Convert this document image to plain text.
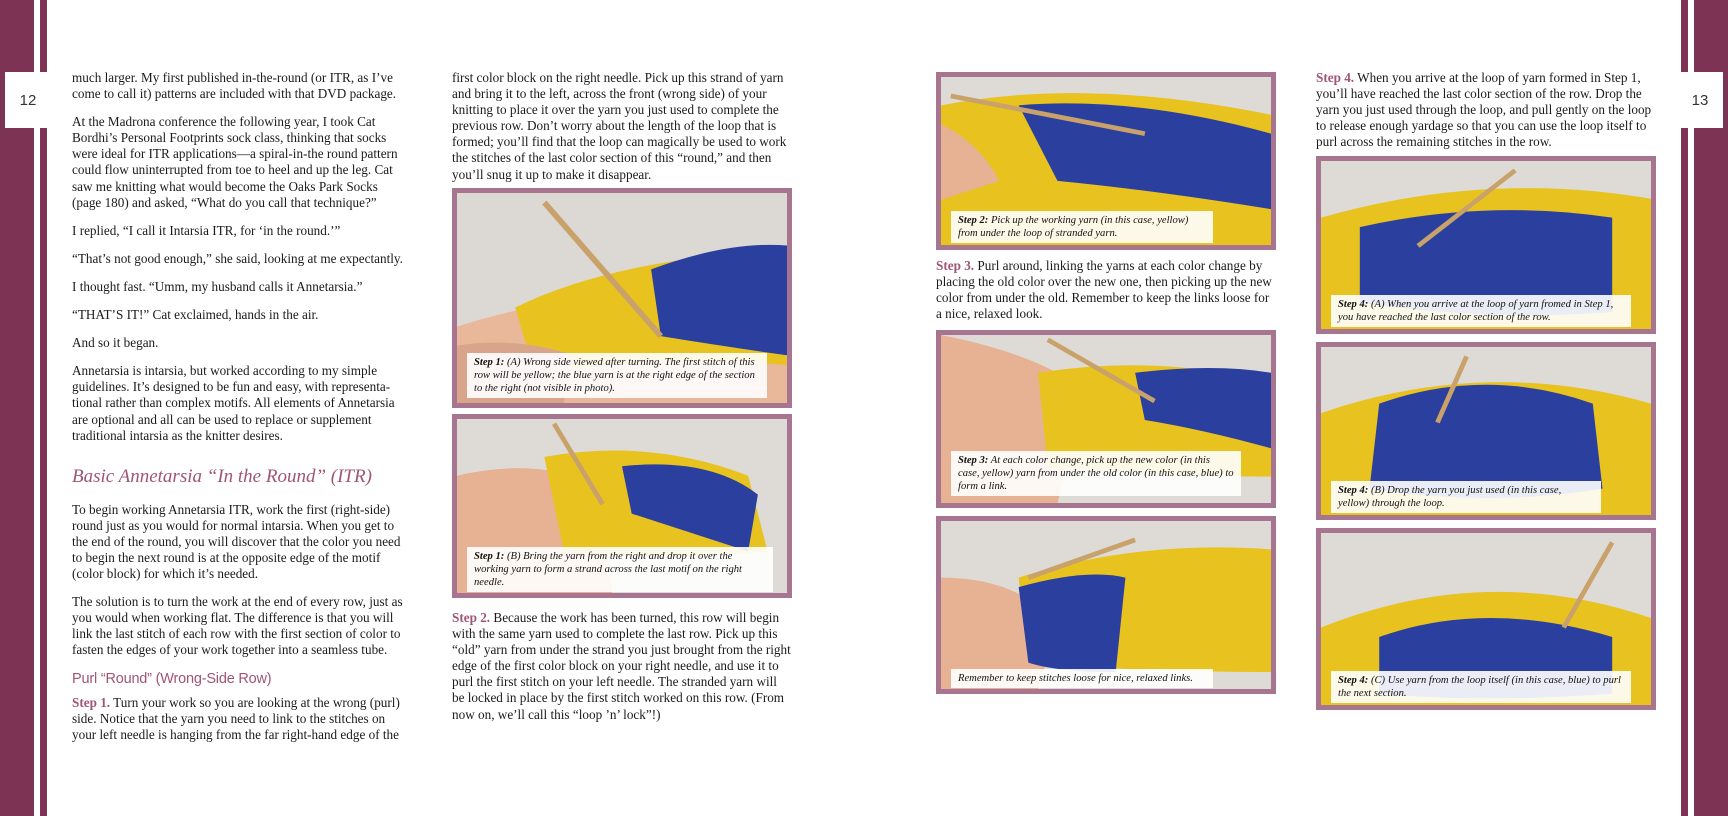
12	13

much larger. My first published in-the-round (or ITR, as I’ve come to call it) patterns are included with that DVD package.

At the Madrona conference the following year, I took Cat Bordhi’s Personal Footprints sock class, thinking that socks were ideal for ITR applications—a spiral-in-the round pattern could flow uninterrupted from toe to heel and up the leg. Cat saw me knitting what would become the Oaks Park Socks (page 180) and asked, “What do you call that technique?”

I replied, “I call it Intarsia ITR, for ‘in the round.’”

“That’s not good enough,” she said, looking at me expectantly.

I thought fast. “Umm, my husband calls it Annetarsia.”

“THAT’S IT!” Cat exclaimed, hands in the air.

And so it began.

Annetarsia is intarsia, but worked according to my simple guidelines. It’s designed to be fun and easy, with representa-tional rather than complex motifs. All elements of Annetarsia are optional and all can be used to replace or supplement traditional intarsia as the knitter desires.

Basic Annetarsia “In the Round” (ITR)

To begin working Annetarsia ITR, work the first (right-side) round just as you would for normal intarsia. When you get to the end of the round, you will discover that the color you need to begin the next round is at the opposite edge of the motif (color block) for which it’s needed.

The solution is to turn the work at the end of every row, just as you would when working flat. The difference is that you will link the last stitch of each row with the first section of color to fasten the edges of your work together into a seamless tube.

Purl “Round” (Wrong-Side Row)

Step 1. Turn your work so you are looking at the wrong (purl) side. Notice that the yarn you need to link to the stitches on your left needle is hanging from the far right-hand edge of the

first color block on the right needle. Pick up this strand of yarn and bring it to the left, across the front (wrong side) of your knitting to place it over the yarn you just used to complete the previous row. Don’t worry about the length of the loop that is formed; you’ll find that the loop can magically be used to work the stitches of the last color section of this “round,” and then you’ll snug it up to make it disappear.

Step 1: (A) Wrong side viewed after turning. The first stitch of this row will be yellow; the blue yarn is at the right edge of the section to the right (not visible in photo).
Step 1: (B) Bring the yarn from the right and drop it over the working yarn to form a strand across the last motif on the right needle.

Step 2. Because the work has been turned, this row will begin with the same yarn used to complete the last row. Pick up this “old” yarn from under the strand you just brought from the right edge of the first color block on your right needle, and use it to purl the first stitch on your left needle. The stranded yarn will be locked in place by the first stitch worked on this row. (From now on, we’ll call this “loop ’n’ lock”!)

Step 2: Pick up the working yarn (in this case, yellow) from under the loop of stranded yarn.

Step 3. Purl around, linking the yarns at each color change by placing the old color over the new one, then picking up the new color from under the old. Remember to keep the links loose for a nice, relaxed look.

Step 3: At each color change, pick up the new color (in this case, yellow) yarn from under the old color (in this case, blue) to form a link.
Remember to keep stitches loose for nice, relaxed links.

Step 4. When you arrive at the loop of yarn formed in Step 1, you’ll have reached the last color section of the row. Drop the yarn you just used through the loop, and pull gently on the loop to release enough yardage so that you can use the loop itself to purl across the remaining stitches in the row.

Step 4: (A) When you arrive at the loop of yarn fromed in Step 1, you have reached the last color section of the row.
Step 4: (B) Drop the yarn you just used (in this case, yellow) through the loop.
Step 4: (C) Use yarn from the loop itself (in this case, blue) to purl the next section.
